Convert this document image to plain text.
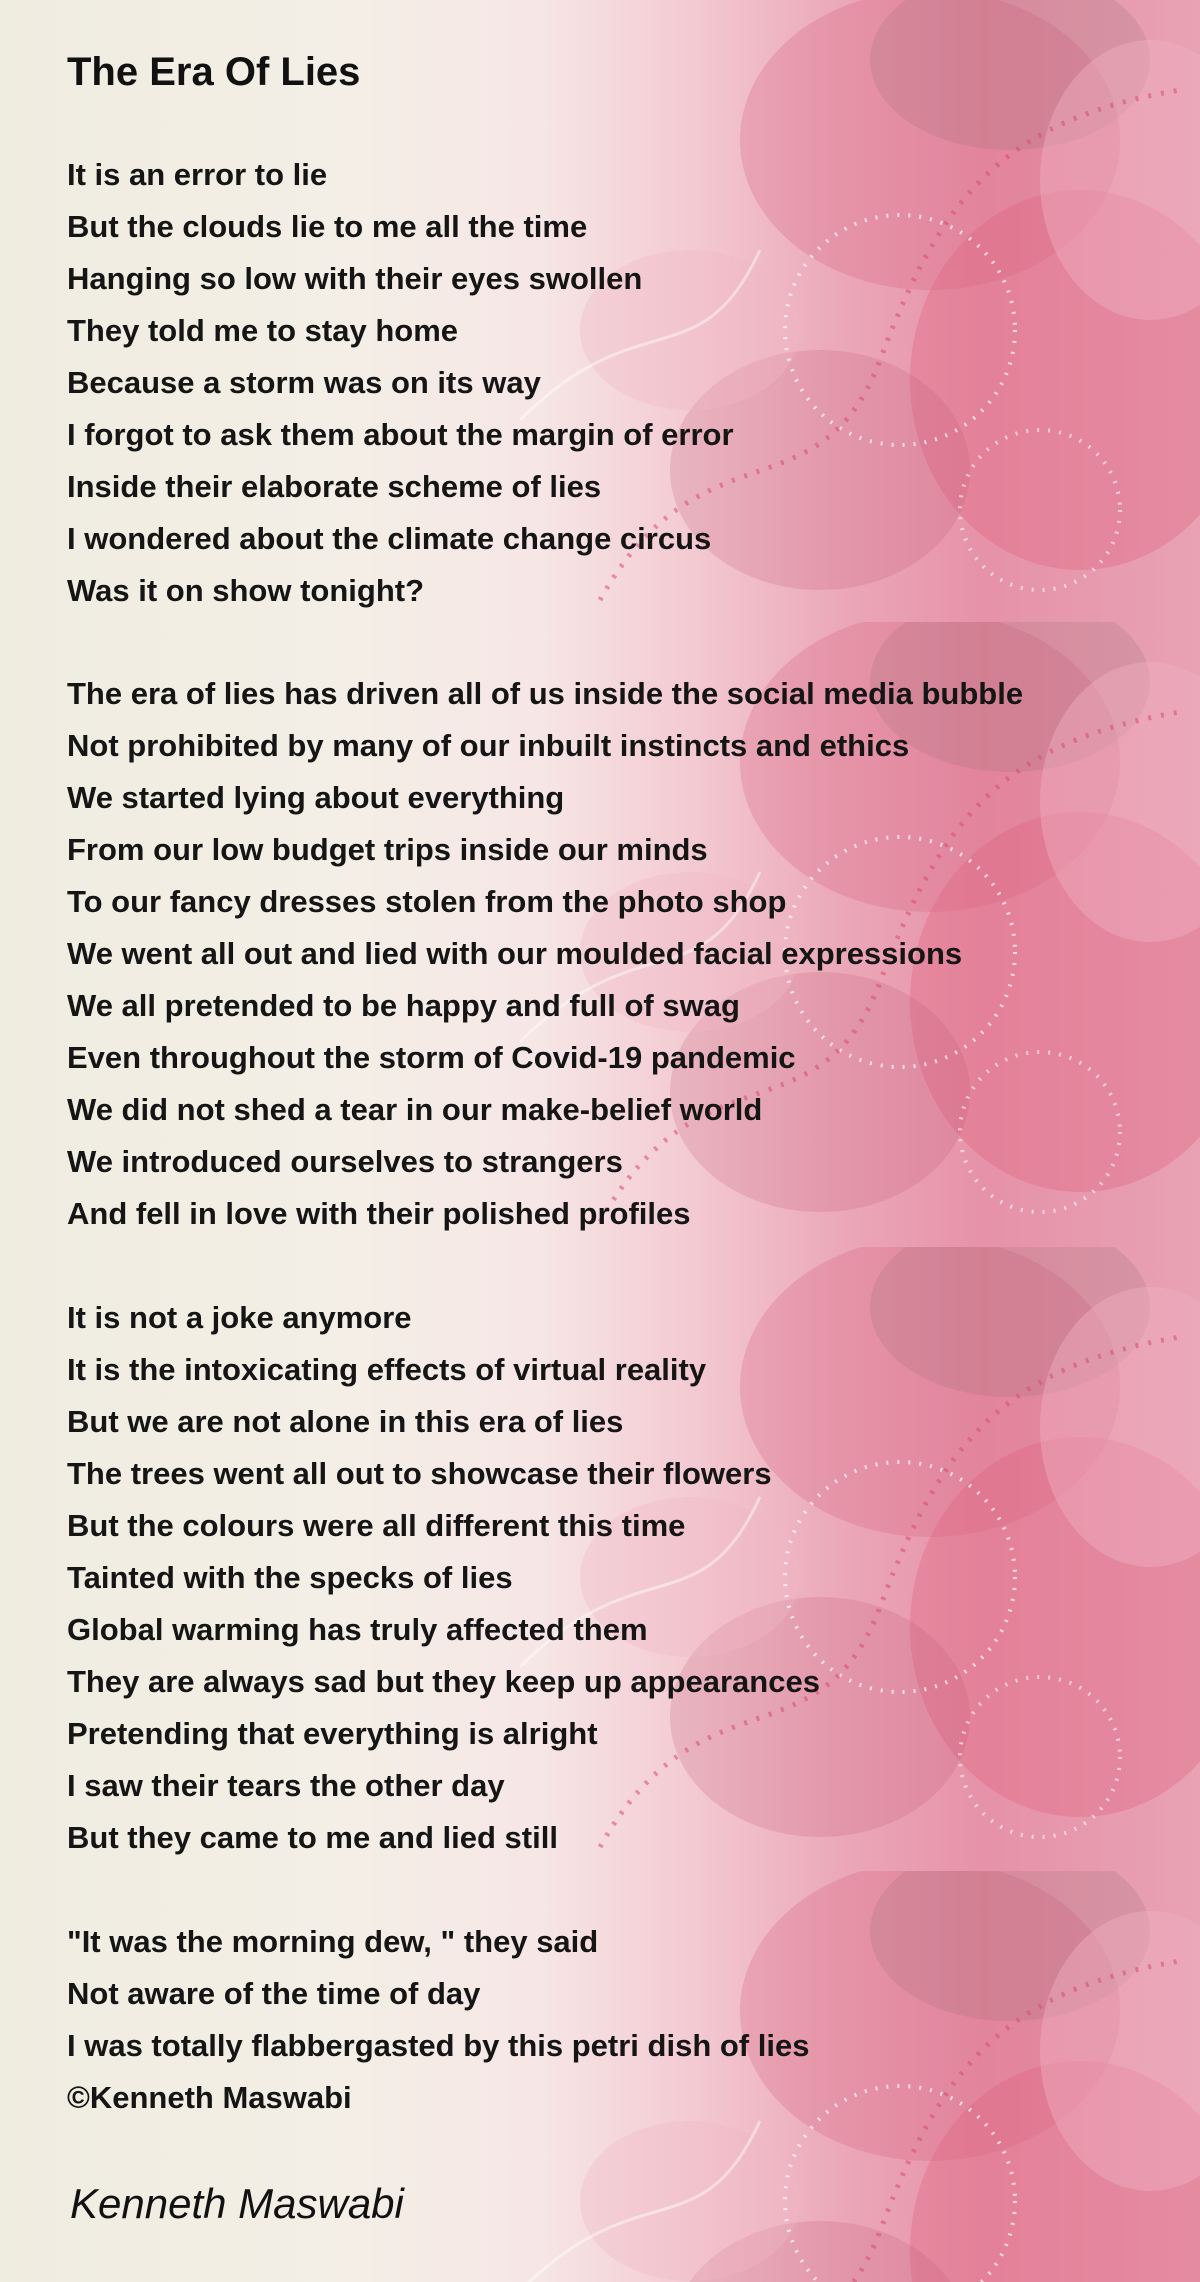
The Era Of Lies
It is an error to lie
But the clouds lie to me all the time
Hanging so low with their eyes swollen
They told me to stay home
Because a storm was on its way
I forgot to ask them about the margin of error
Inside their elaborate scheme of lies
I wondered about the climate change circus
Was it on show tonight?
The era of lies has driven all of us inside the social media bubble
Not prohibited by many of our inbuilt instincts and ethics
We started lying about everything
From our low budget trips inside our minds
To our fancy dresses stolen from the photo shop
We went all out and lied with our moulded facial expressions
We all pretended to be happy and full of swag
Even throughout the storm of Covid-19 pandemic
We did not shed a tear in our make-belief world
We introduced ourselves to strangers
And fell in love with their polished profiles
It is not a joke anymore
It is the intoxicating effects of virtual reality
But we are not alone in this era of lies
The trees went all out to showcase their flowers
But the colours were all different this time
Tainted with the specks of lies
Global warming has truly affected them
They are always sad but they keep up appearances
Pretending that everything is alright
I saw their tears the other day
But they came to me and lied still
"It was the morning dew, " they said
Not aware of the time of day
I was totally flabbergasted by this petri dish of lies
©Kenneth Maswabi
Kenneth Maswabi
